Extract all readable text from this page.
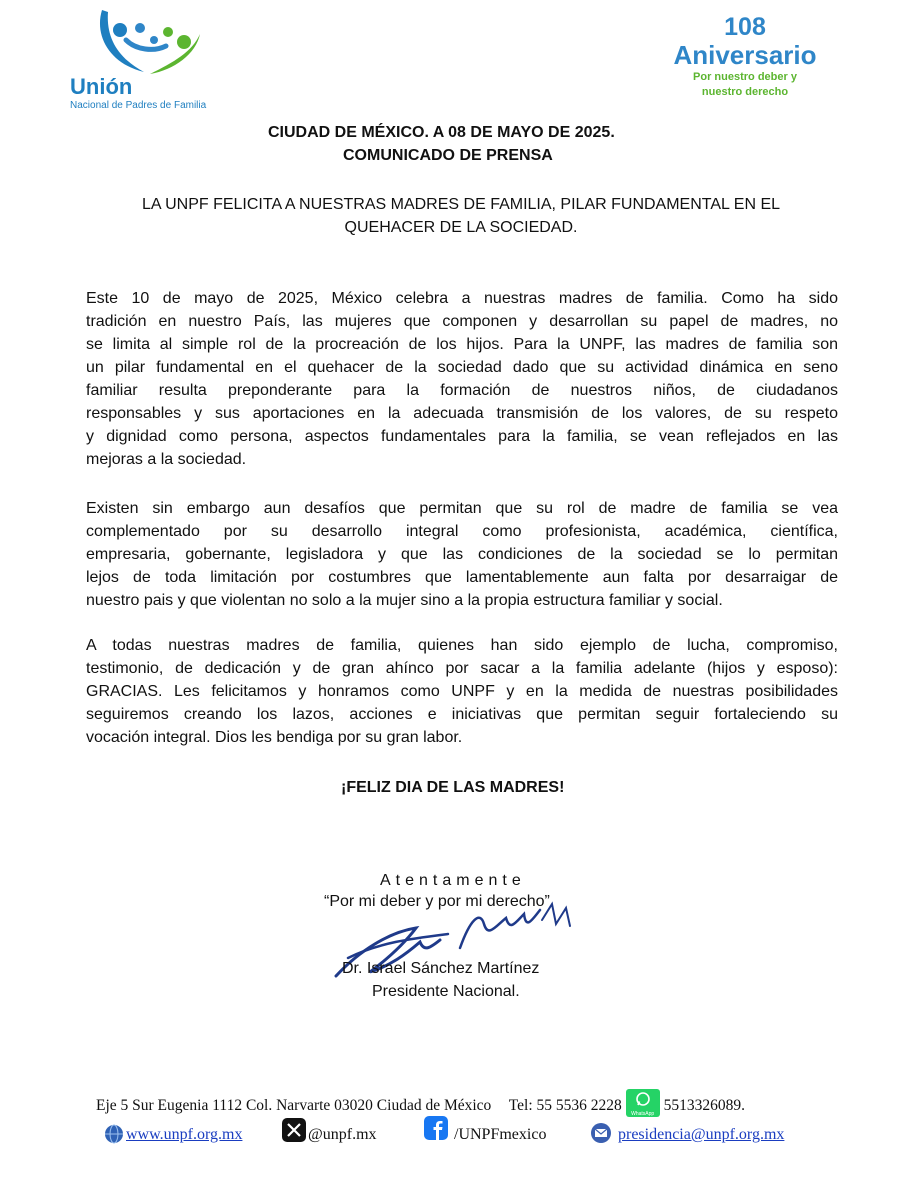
Unión
Nacional de Padres de Familia
108
Aniversario
Por nuestro deber y
nuestro derecho
CIUDAD DE MÉXICO. A 08 DE MAYO DE 2025.
COMUNICADO DE PRENSA
LA UNPF FELICITA A NUESTRAS MADRES DE FAMILIA, PILAR FUNDAMENTAL EN EL
QUEHACER DE LA SOCIEDAD.
Este 10 de mayo de 2025, México celebra a nuestras madres de familia. Como ha sido
tradición en nuestro País, las mujeres que componen y desarrollan su papel de madres, no
se limita al simple rol de la procreación de los hijos. Para la UNPF, las madres de familia son
un pilar fundamental en el quehacer de la sociedad dado que su actividad dinámica en seno
familiar resulta preponderante para la formación de nuestros niños, de ciudadanos
responsables y sus aportaciones en la adecuada transmisión de los valores, de su respeto
y dignidad como persona, aspectos fundamentales para la familia, se vean reflejados en las
mejoras a la sociedad.
Existen sin embargo aun desafíos que permitan que su rol de madre de familia se vea
complementado por su desarrollo integral como profesionista, académica, científica,
empresaria, gobernante, legisladora y que las condiciones de la sociedad se lo permitan
lejos de toda limitación por costumbres que lamentablemente aun falta por desarraigar de
nuestro pais y que violentan no solo a la mujer sino a la propia estructura familiar y social.
A todas nuestras madres de familia, quienes han sido ejemplo de lucha, compromiso,
testimonio, de dedicación y de gran ahínco por sacar a la familia adelante (hijos y esposo):
GRACIAS. Les felicitamos y honramos como UNPF y en la medida de nuestras posibilidades
seguiremos creando los lazos, acciones e iniciativas que permitan seguir fortaleciendo su
vocación integral. Dios les bendiga por su gran labor.
¡FELIZ DIA DE LAS MADRES!
Atentamente
“Por mi deber y por mi derecho”
Dr. Israel Sánchez Martínez
Presidente Nacional.
Eje 5 Sur Eugenia 1112 Col. Narvarte 03020 Ciudad de México Tel: 55 5536 2228	WhatsApp 5513326089.
www.unpf.org.mx	@unpf.mx	/UNPFmexico	presidencia@unpf.org.mx
